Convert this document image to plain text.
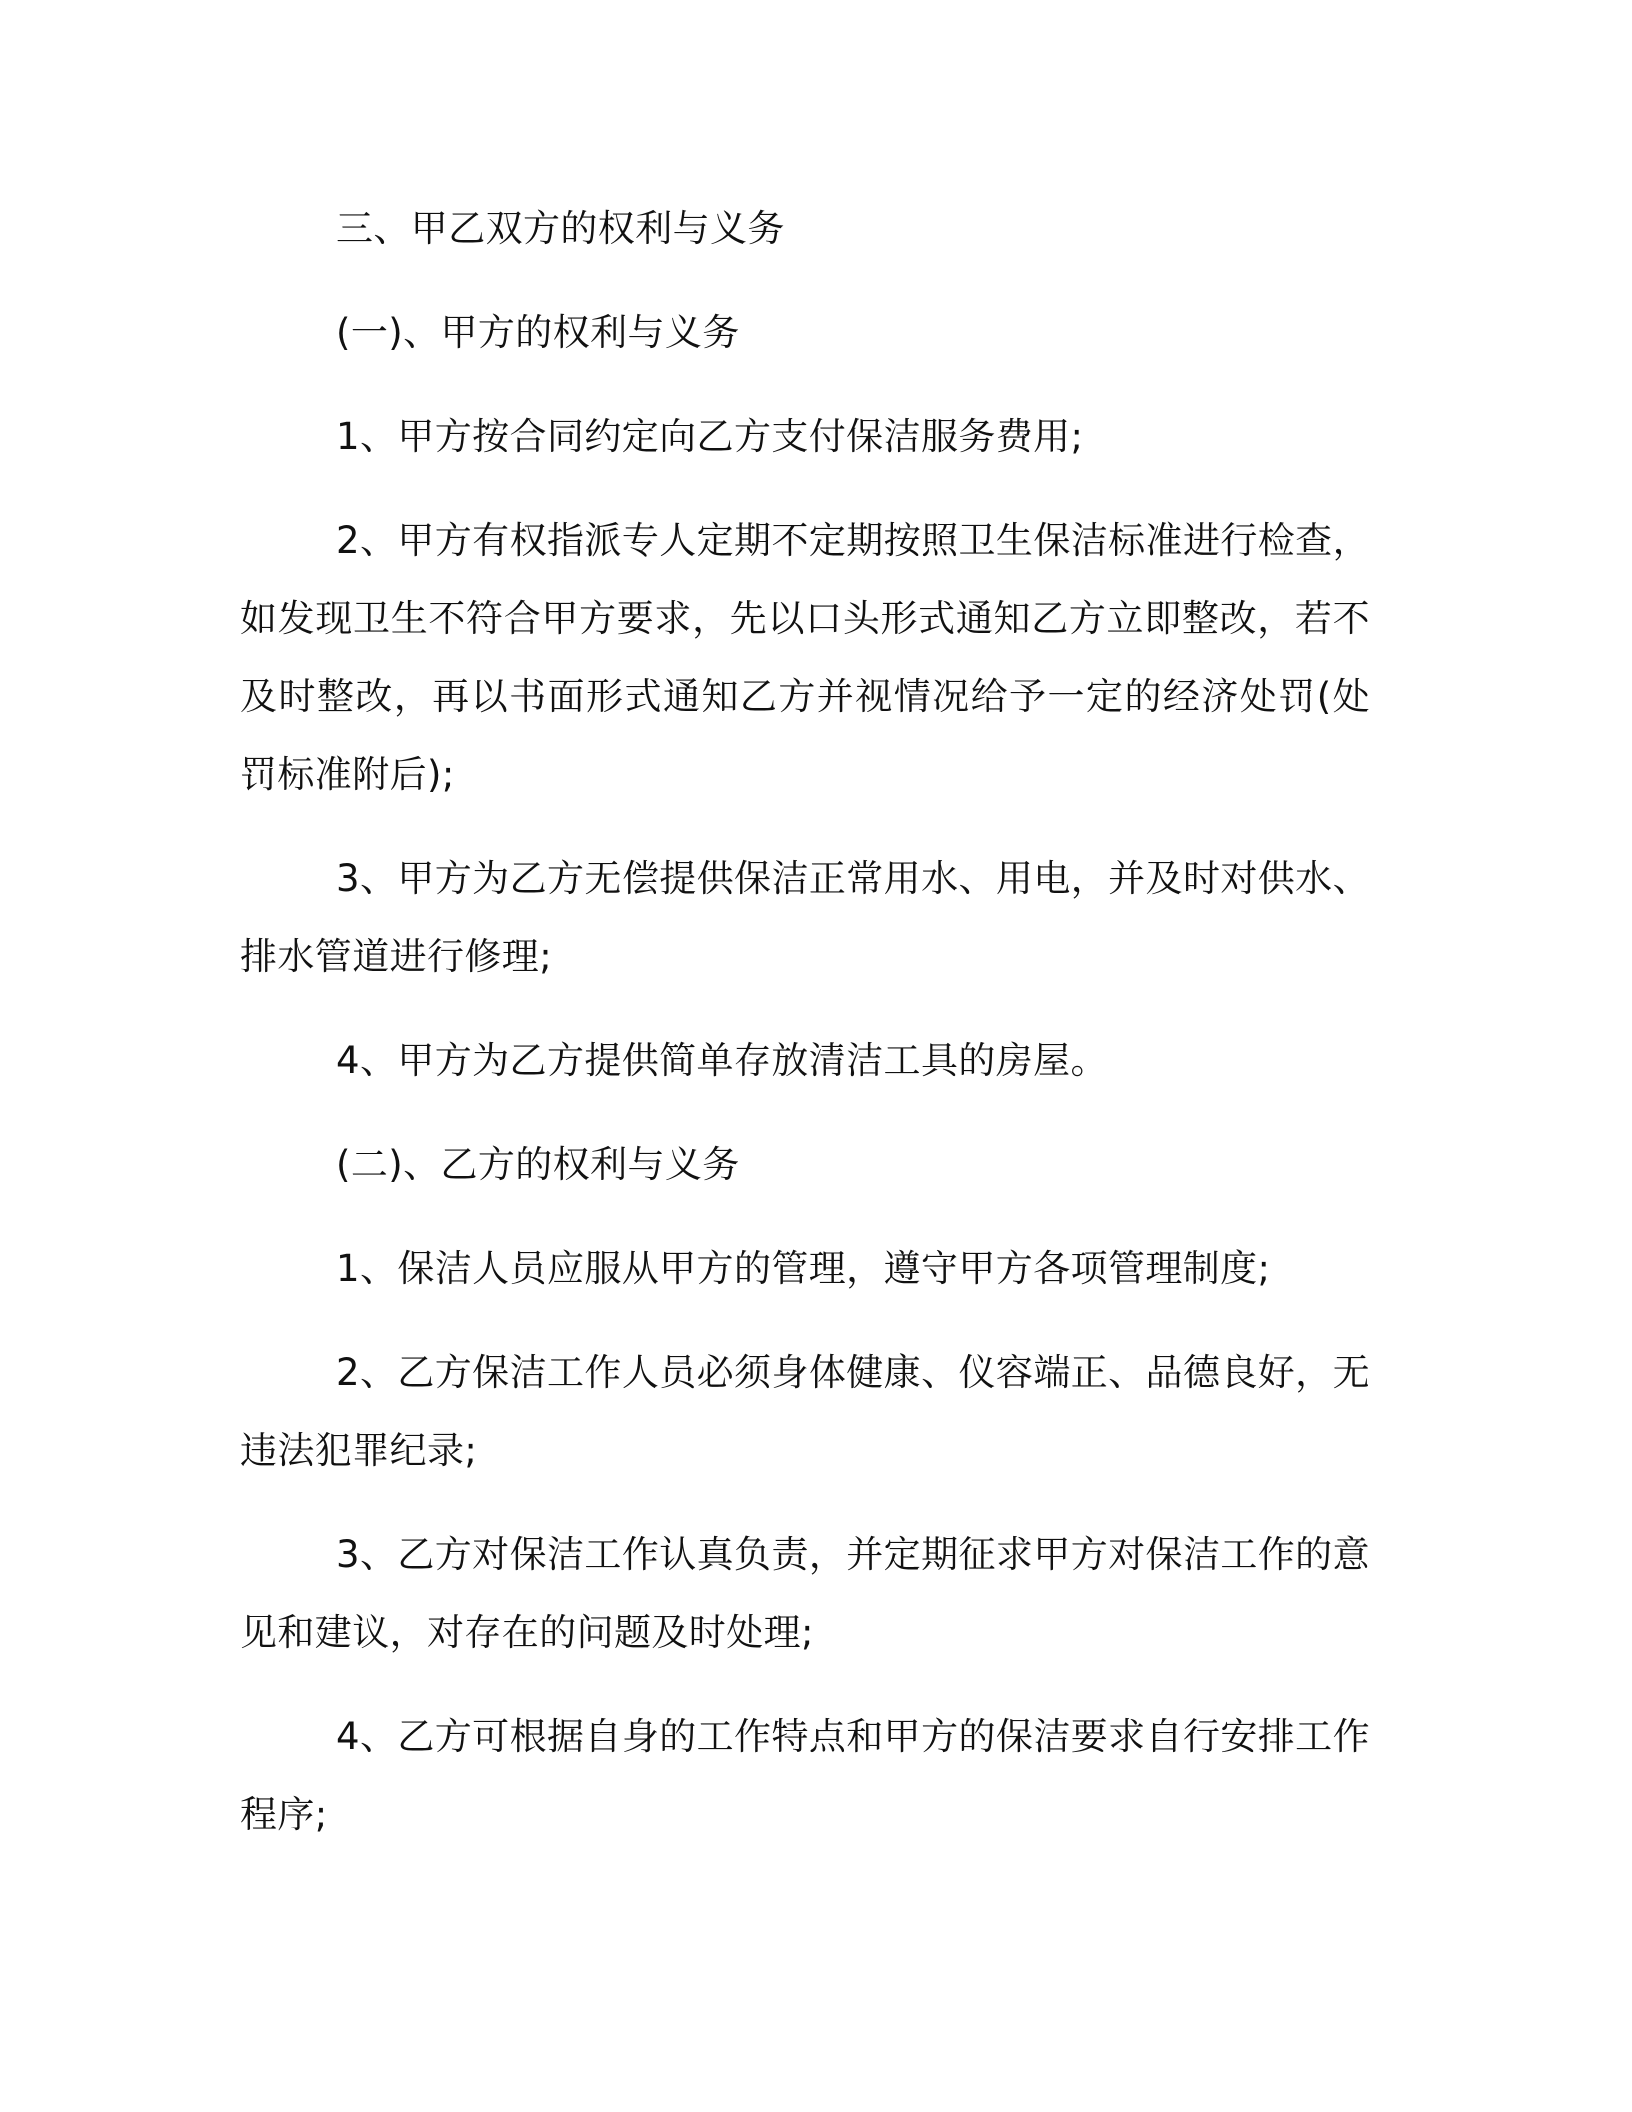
三、甲乙双方的权利与义务

(一)、甲方的权利与义务

1、甲方按合同约定向乙方支付保洁服务费用;

2、甲方有权指派专人定期不定期按照卫生保洁标准进行检查，如发现卫生不符合甲方要求，先以口头形式通知乙方立即整改，若不及时整改，再以书面形式通知乙方并视情况给予一定的经济处罚(处罚标准附后);

3、甲方为乙方无偿提供保洁正常用水、用电，并及时对供水、排水管道进行修理;

4、甲方为乙方提供简单存放清洁工具的房屋。

(二)、乙方的权利与义务

1、保洁人员应服从甲方的管理，遵守甲方各项管理制度;

2、乙方保洁工作人员必须身体健康、仪容端正、品德良好，无违法犯罪纪录;

3、乙方对保洁工作认真负责，并定期征求甲方对保洁工作的意见和建议，对存在的问题及时处理;

4、乙方可根据自身的工作特点和甲方的保洁要求自行安排工作程序;
